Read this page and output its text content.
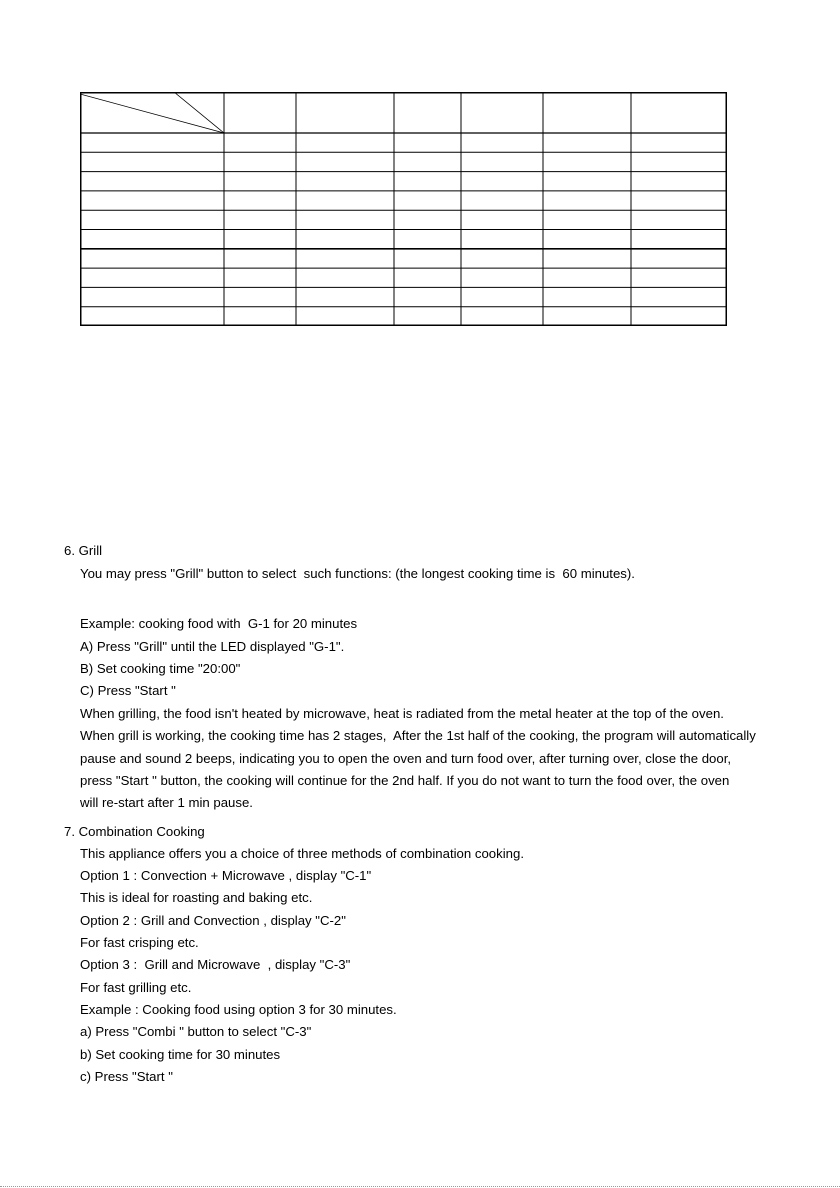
6. Grill
You may press "Grill" button to select  such functions: (the longest cooking time is  60 minutes).
Example: cooking food with  G-1 for 20 minutes
A) Press "Grill" until the LED displayed "G-1".
B) Set cooking time "20:00"
C) Press "Start "
When grilling, the food isn't heated by microwave, heat is radiated from the metal heater at the top of the oven.
When grill is working, the cooking time has 2 stages,  After the 1st half of the cooking, the program will automatically
pause and sound 2 beeps, indicating you to open the oven and turn food over, after turning over, close the door,
press "Start " button, the cooking will continue for the 2nd half. If you do not want to turn the food over, the oven
will re-start after 1 min pause.
7. Combination Cooking
This appliance offers you a choice of three methods of combination cooking.
Option 1 : Convection + Microwave , display "C-1"
This is ideal for roasting and baking etc.
Option 2 : Grill and Convection , display "C-2"
For fast crisping etc.
Option 3 :  Grill and Microwave  , display "C-3"
For fast grilling etc.
Example : Cooking food using option 3 for 30 minutes.
a) Press "Combi " button to select "C-3"
b) Set cooking time for 30 minutes
c) Press "Start "
